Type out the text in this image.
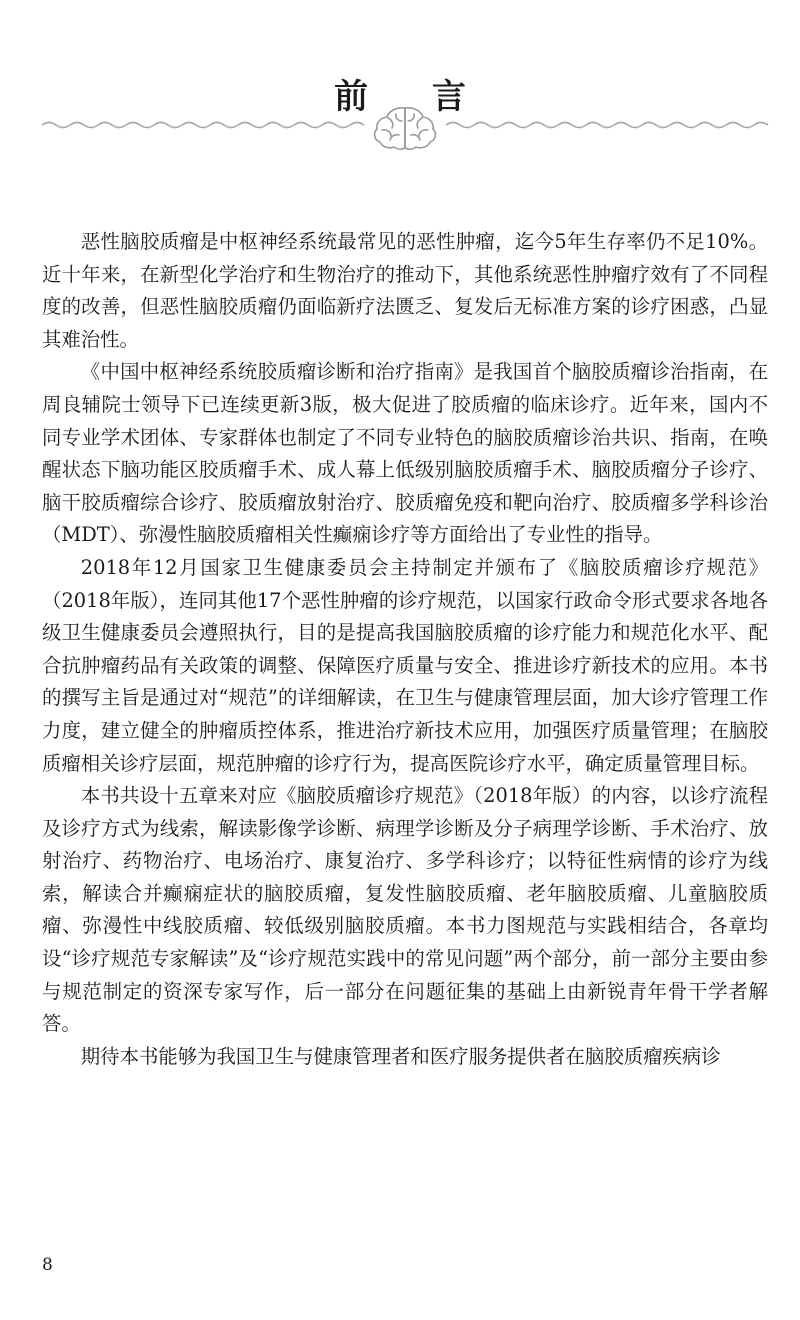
前 言

恶性脑胶质瘤是中枢神经系统最常见的恶性肿瘤，迄今5年生存率仍不足10%。近十年来，在新型化学治疗和生物治疗的推动下，其他系统恶性肿瘤疗效有了不同程度的改善，但恶性脑胶质瘤仍面临新疗法匮乏、复发后无标准方案的诊疗困惑，凸显其难治性。

《中国中枢神经系统胶质瘤诊断和治疗指南》是我国首个脑胶质瘤诊治指南，在周良辅院士领导下已连续更新3版，极大促进了胶质瘤的临床诊疗。近年来，国内不同专业学术团体、专家群体也制定了不同专业特色的脑胶质瘤诊治共识、指南，在唤醒状态下脑功能区胶质瘤手术、成人幕上低级别脑胶质瘤手术、脑胶质瘤分子诊疗、脑干胶质瘤综合诊疗、胶质瘤放射治疗、胶质瘤免疫和靶向治疗、胶质瘤多学科诊治（MDT）、弥漫性脑胶质瘤相关性癫痫诊疗等方面给出了专业性的指导。

2018年12月国家卫生健康委员会主持制定并颁布了《脑胶质瘤诊疗规范》（2018年版），连同其他17个恶性肿瘤的诊疗规范，以国家行政命令形式要求各地各级卫生健康委员会遵照执行，目的是提高我国脑胶质瘤的诊疗能力和规范化水平、配合抗肿瘤药品有关政策的调整、保障医疗质量与安全、推进诊疗新技术的应用。本书的撰写主旨是通过对“规范”的详细解读，在卫生与健康管理层面，加大诊疗管理工作力度，建立健全的肿瘤质控体系，推进治疗新技术应用，加强医疗质量管理；在脑胶质瘤相关诊疗层面，规范肿瘤的诊疗行为，提高医院诊疗水平，确定质量管理目标。

本书共设十五章来对应《脑胶质瘤诊疗规范》（2018年版）的内容，以诊疗流程及诊疗方式为线索，解读影像学诊断、病理学诊断及分子病理学诊断、手术治疗、放射治疗、药物治疗、电场治疗、康复治疗、多学科诊疗；以特征性病情的诊疗为线索，解读合并癫痫症状的脑胶质瘤，复发性脑胶质瘤、老年脑胶质瘤、儿童脑胶质瘤、弥漫性中线胶质瘤、较低级别脑胶质瘤。本书力图规范与实践相结合，各章均设“诊疗规范专家解读”及“诊疗规范实践中的常见问题”两个部分，前一部分主要由参与规范制定的资深专家写作，后一部分在问题征集的基础上由新锐青年骨干学者解答。

期待本书能够为我国卫生与健康管理者和医疗服务提供者在脑胶质瘤疾病诊

8
